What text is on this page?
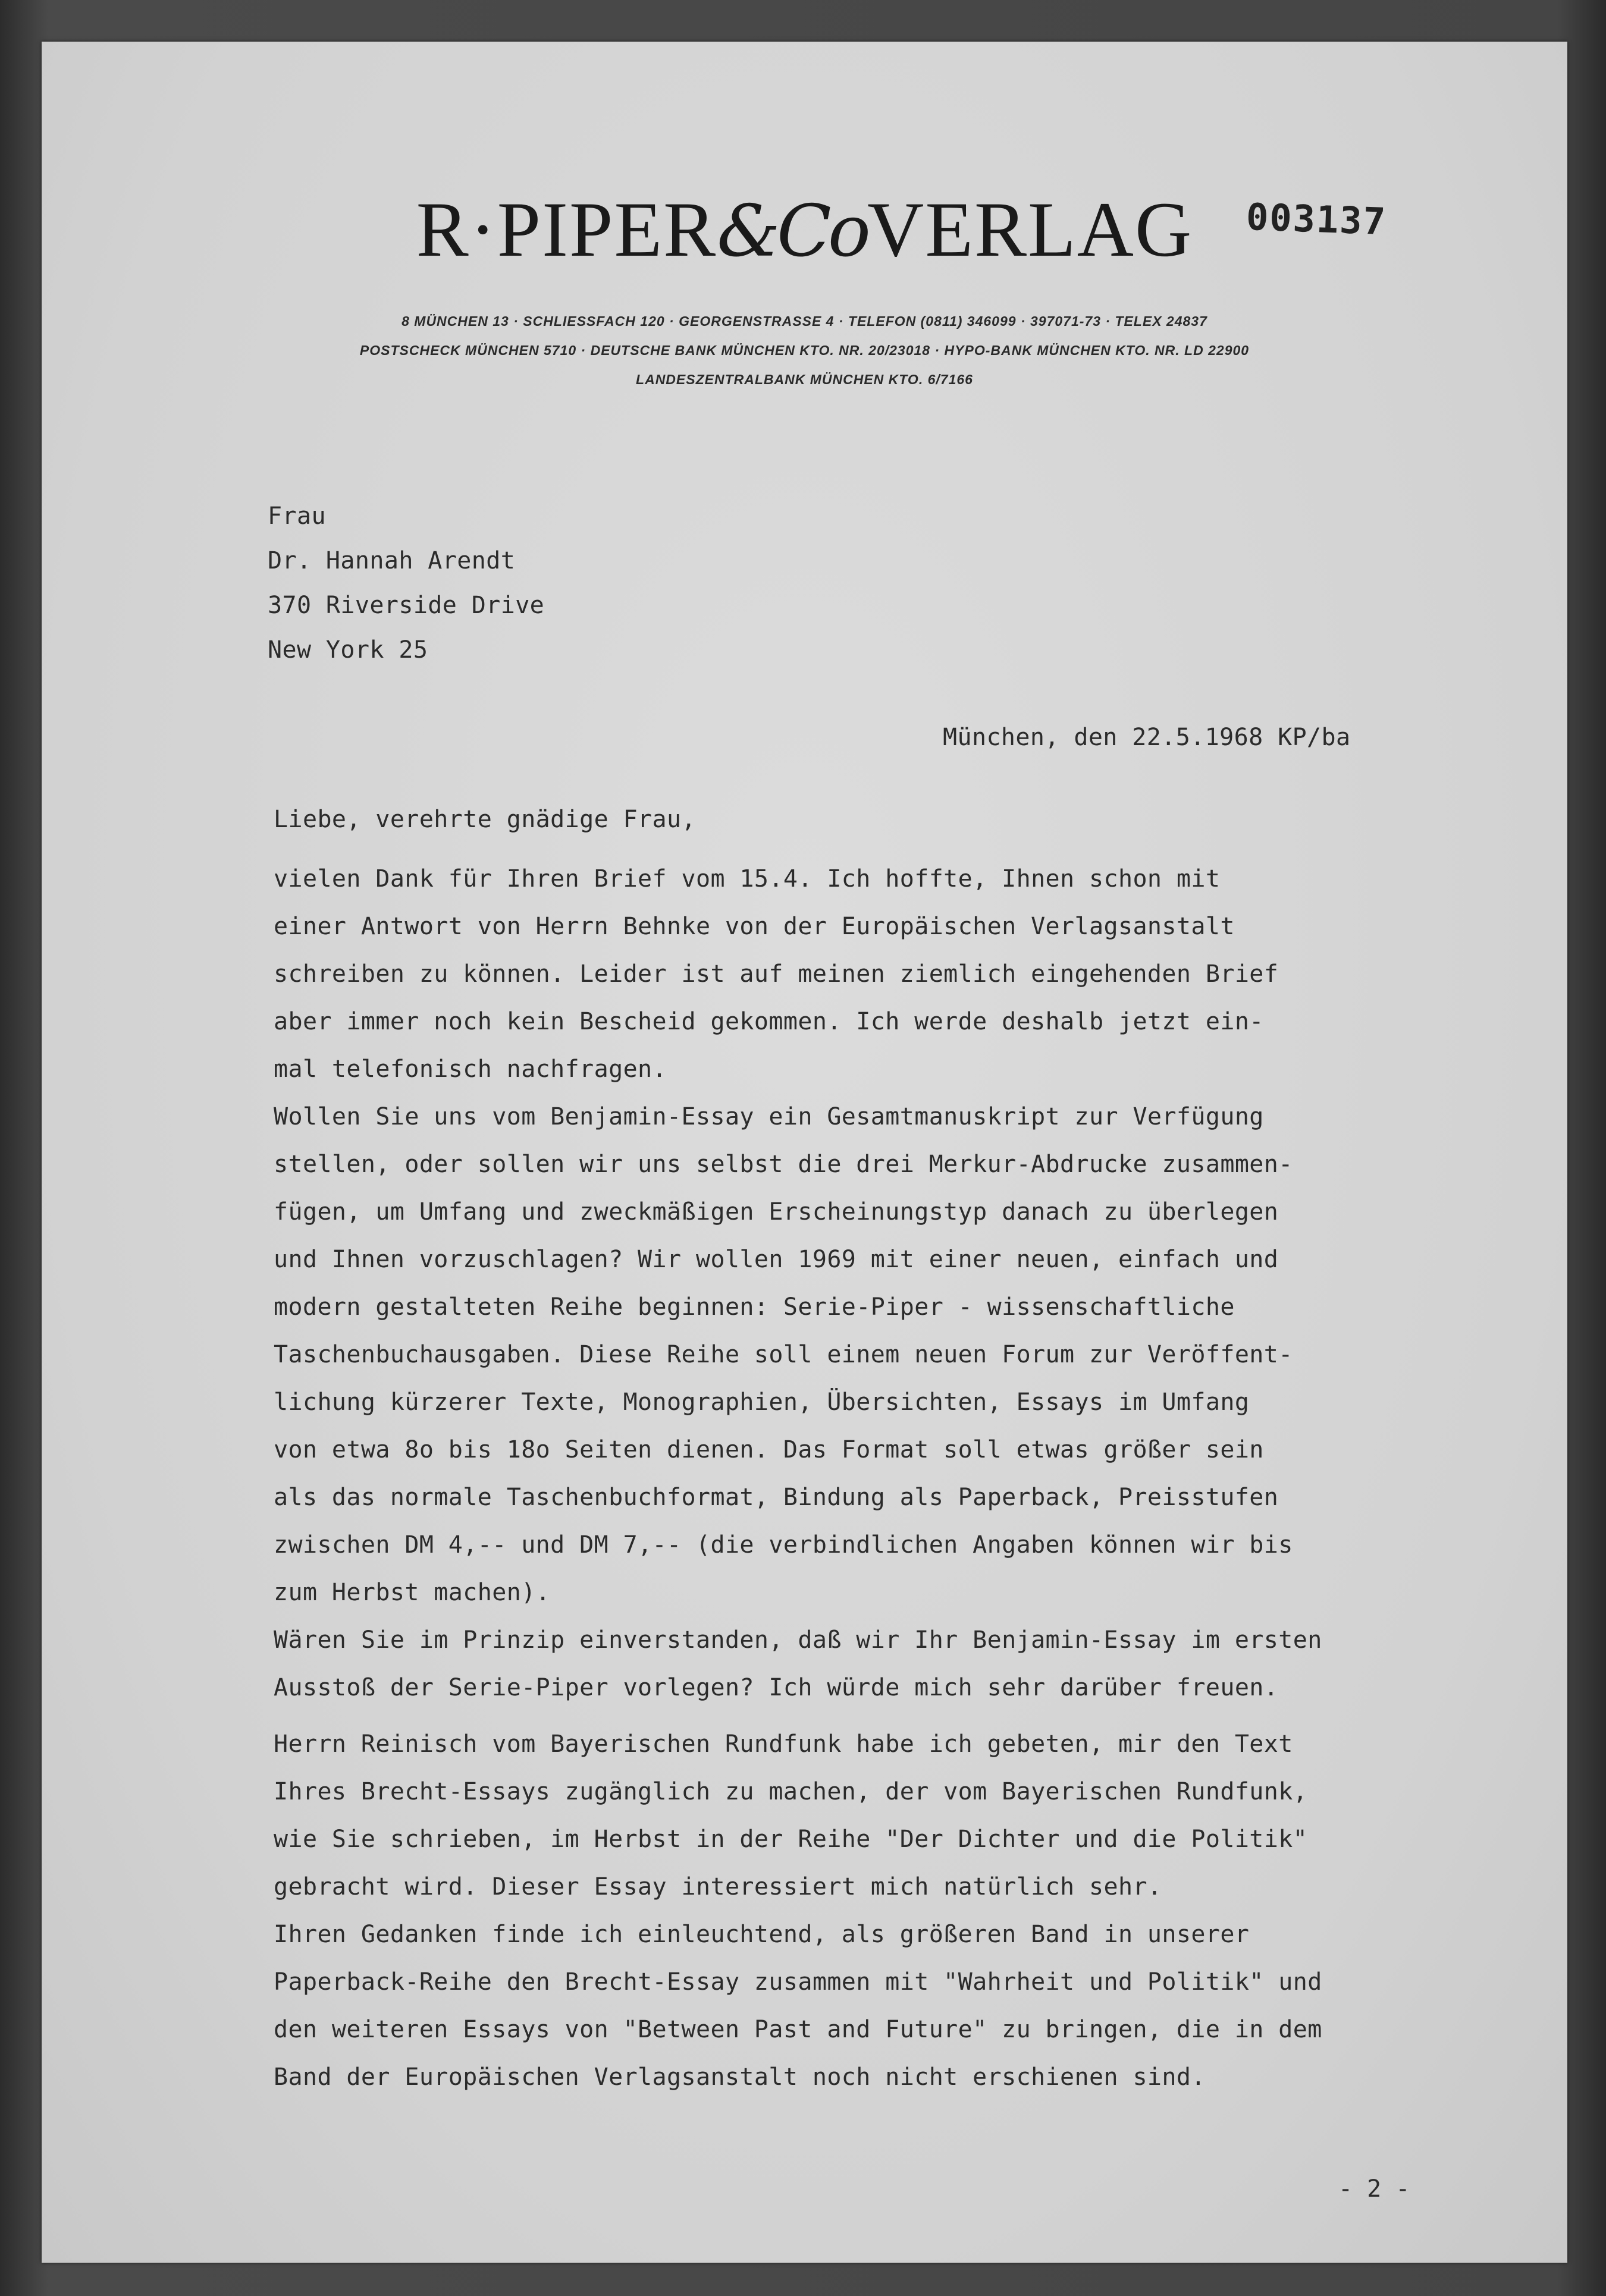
R·PIPER&CoVERLAG	003137
8 MÜNCHEN 13 · SCHLIESSFACH 120 · GEORGENSTRASSE 4 · TELEFON (0811) 346099 · 397071-73 · TELEX 24837
POSTSCHECK MÜNCHEN 5710 · DEUTSCHE BANK MÜNCHEN KTO. NR. 20/23018 · HYPO-BANK MÜNCHEN KTO. NR. LD 22900
LANDESZENTRALBANK MÜNCHEN KTO. 6/7166
Frau
Dr. Hannah Arendt
370 Riverside Drive
New York 25
München, den 22.5.1968 KP/ba
Liebe, verehrte gnädige Frau,
vielen Dank für Ihren Brief vom 15.4. Ich hoffte, Ihnen schon mit
einer Antwort von Herrn Behnke von der Europäischen Verlagsanstalt
schreiben zu können. Leider ist auf meinen ziemlich eingehenden Brief
aber immer noch kein Bescheid gekommen. Ich werde deshalb jetzt ein-
mal telefonisch nachfragen.
Wollen Sie uns vom Benjamin-Essay ein Gesamtmanuskript zur Verfügung
stellen, oder sollen wir uns selbst die drei Merkur-Abdrucke zusammen-
fügen, um Umfang und zweckmäßigen Erscheinungstyp danach zu überlegen
und Ihnen vorzuschlagen? Wir wollen 1969 mit einer neuen, einfach und
modern gestalteten Reihe beginnen: Serie-Piper - wissenschaftliche
Taschenbuchausgaben. Diese Reihe soll einem neuen Forum zur Veröffent-
lichung kürzerer Texte, Monographien, Übersichten, Essays im Umfang
von etwa 8o bis 18o Seiten dienen. Das Format soll etwas größer sein
als das normale Taschenbuchformat, Bindung als Paperback, Preisstufen
zwischen DM 4,-- und DM 7,-- (die verbindlichen Angaben können wir bis
zum Herbst machen).
Wären Sie im Prinzip einverstanden, daß wir Ihr Benjamin-Essay im ersten
Ausstoß der Serie-Piper vorlegen? Ich würde mich sehr darüber freuen.
Herrn Reinisch vom Bayerischen Rundfunk habe ich gebeten, mir den Text
Ihres Brecht-Essays zugänglich zu machen, der vom Bayerischen Rundfunk,
wie Sie schrieben, im Herbst in der Reihe "Der Dichter und die Politik"
gebracht wird. Dieser Essay interessiert mich natürlich sehr.
Ihren Gedanken finde ich einleuchtend, als größeren Band in unserer
Paperback-Reihe den Brecht-Essay zusammen mit "Wahrheit und Politik" und
den weiteren Essays von "Between Past and Future" zu bringen, die in dem
Band der Europäischen Verlagsanstalt noch nicht erschienen sind.
- 2 -
